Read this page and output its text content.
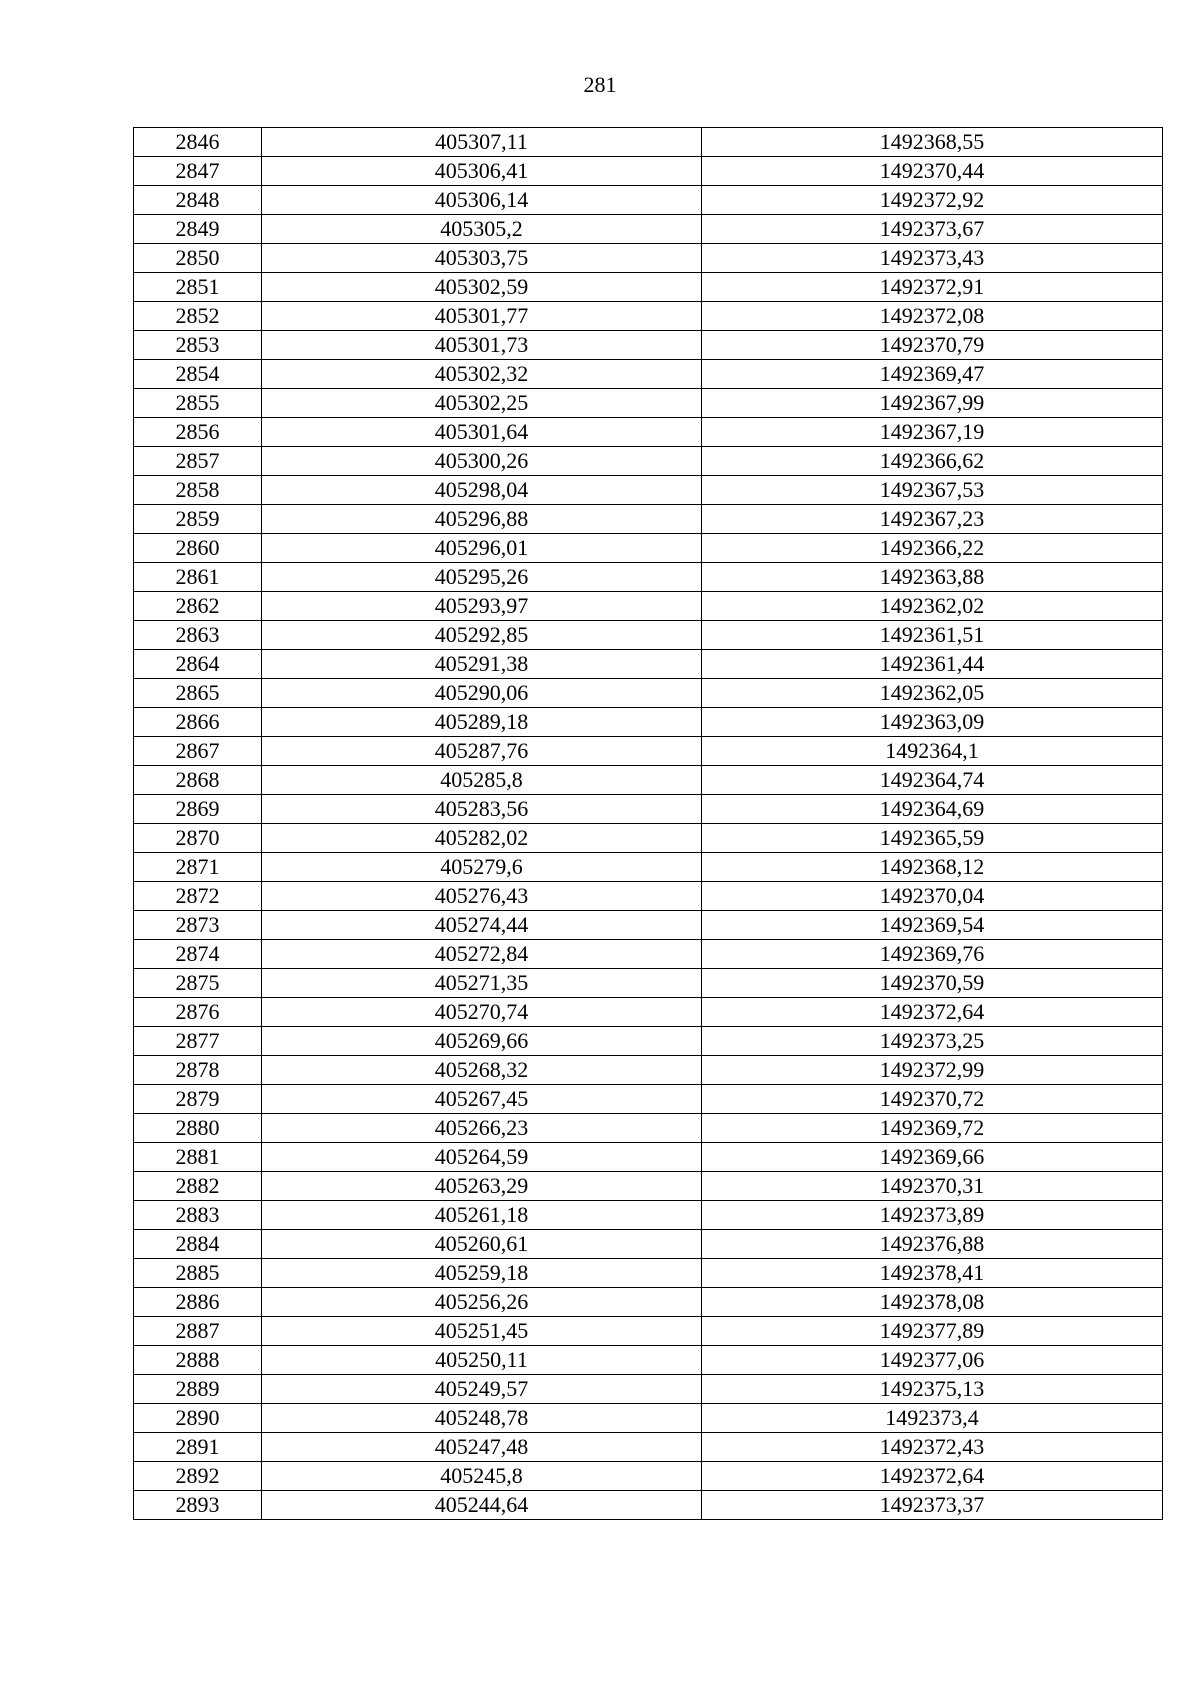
281
2846	405307,11	1492368,55
2847	405306,41	1492370,44
2848	405306,14	1492372,92
2849	405305,2	1492373,67
2850	405303,75	1492373,43
2851	405302,59	1492372,91
2852	405301,77	1492372,08
2853	405301,73	1492370,79
2854	405302,32	1492369,47
2855	405302,25	1492367,99
2856	405301,64	1492367,19
2857	405300,26	1492366,62
2858	405298,04	1492367,53
2859	405296,88	1492367,23
2860	405296,01	1492366,22
2861	405295,26	1492363,88
2862	405293,97	1492362,02
2863	405292,85	1492361,51
2864	405291,38	1492361,44
2865	405290,06	1492362,05
2866	405289,18	1492363,09
2867	405287,76	1492364,1
2868	405285,8	1492364,74
2869	405283,56	1492364,69
2870	405282,02	1492365,59
2871	405279,6	1492368,12
2872	405276,43	1492370,04
2873	405274,44	1492369,54
2874	405272,84	1492369,76
2875	405271,35	1492370,59
2876	405270,74	1492372,64
2877	405269,66	1492373,25
2878	405268,32	1492372,99
2879	405267,45	1492370,72
2880	405266,23	1492369,72
2881	405264,59	1492369,66
2882	405263,29	1492370,31
2883	405261,18	1492373,89
2884	405260,61	1492376,88
2885	405259,18	1492378,41
2886	405256,26	1492378,08
2887	405251,45	1492377,89
2888	405250,11	1492377,06
2889	405249,57	1492375,13
2890	405248,78	1492373,4
2891	405247,48	1492372,43
2892	405245,8	1492372,64
2893	405244,64	1492373,37
